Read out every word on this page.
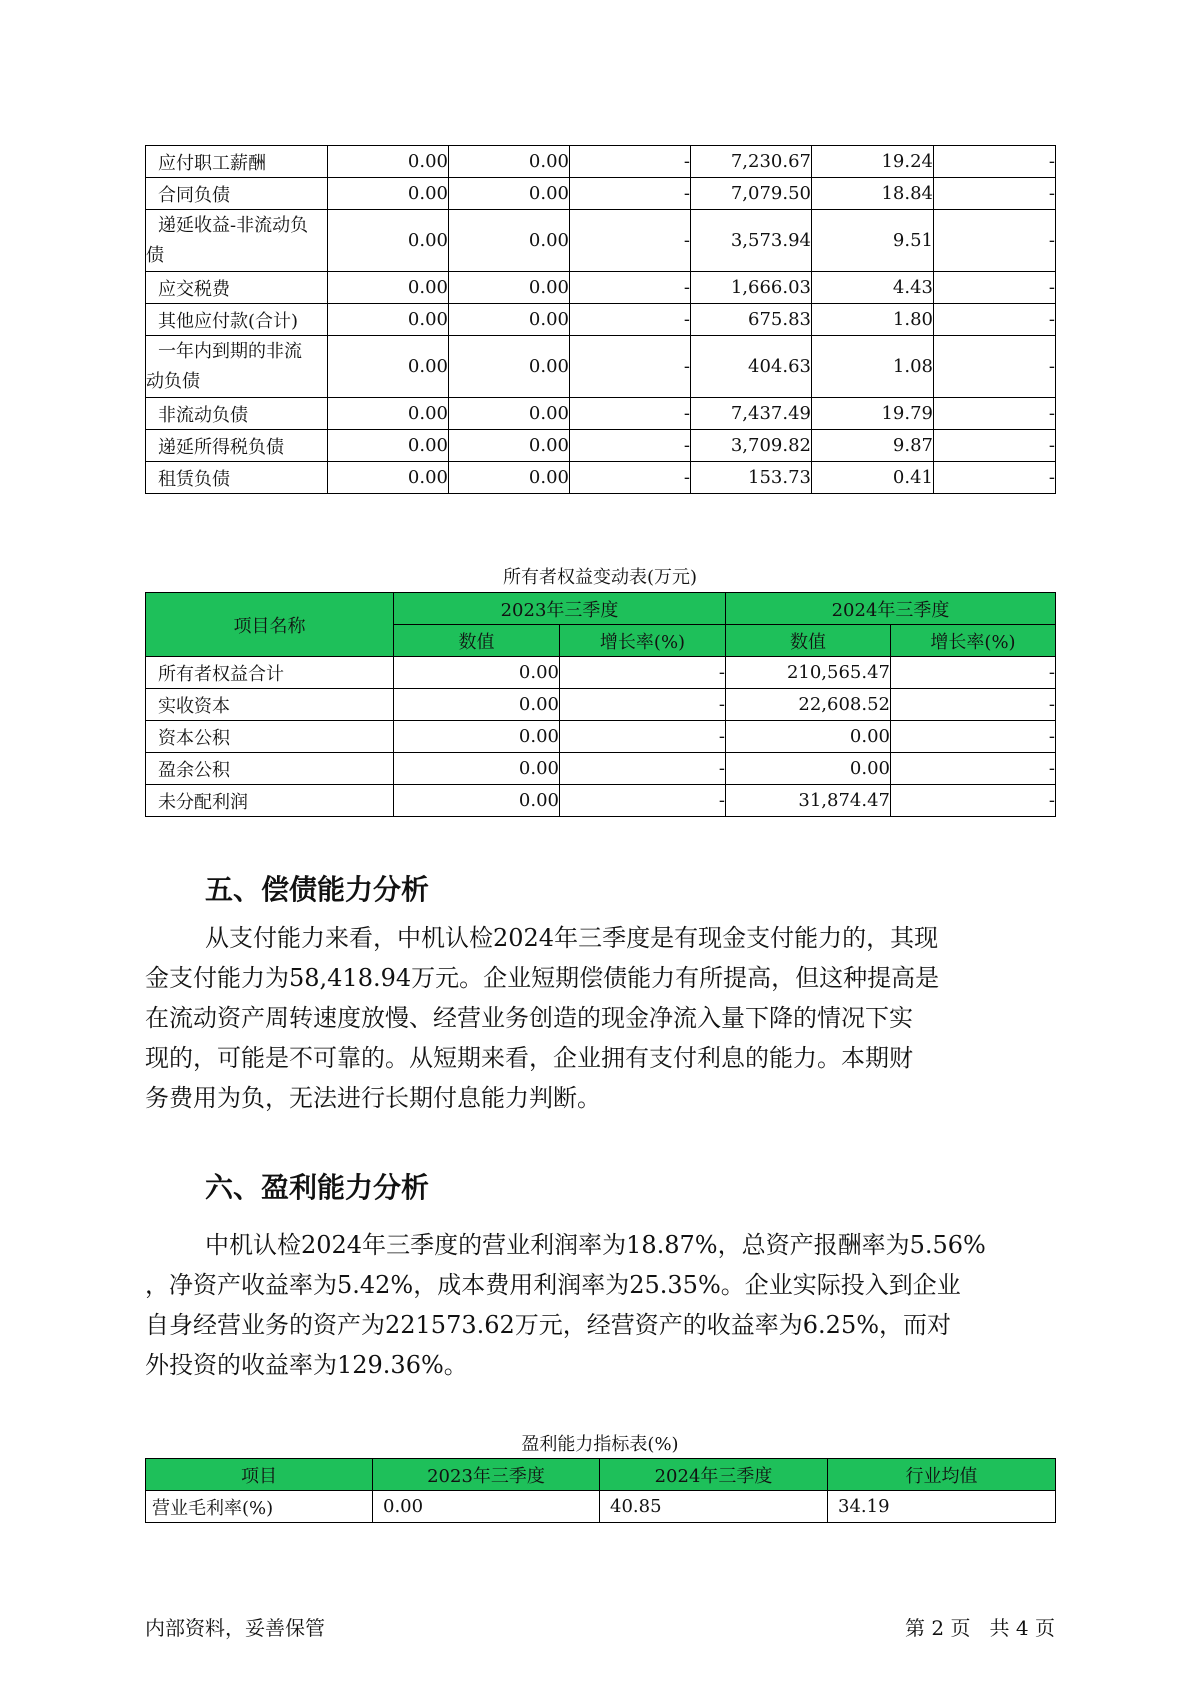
应付职工薪酬	0.00	0.00	-	7,230.67	19.24	-
合同负债	0.00	0.00	-	7,079.50	18.84	-
递延收益-非流动负
债	0.00	0.00	-	3,573.94	9.51	-
应交税费	0.00	0.00	-	1,666.03	4.43	-
其他应付款(合计)	0.00	0.00	-	675.83	1.80	-
一年内到期的非流
动负债	0.00	0.00	-	404.63	1.08	-
非流动负债	0.00	0.00	-	7,437.49	19.79	-
递延所得税负债	0.00	0.00	-	3,709.82	9.87	-
租赁负债	0.00	0.00	-	153.73	0.41	-
所有者权益变动表(万元)
项目名称	2023年三季度		2024年三季度	
	数值	增长率(%)	数值	增长率(%)
所有者权益合计	0.00	-	210,565.47	-
实收资本	0.00	-	22,608.52	-
资本公积	0.00	-	0.00	-
盈余公积	0.00	-	0.00	-
未分配利润	0.00	-	31,874.47	-
五、偿债能力分析

从支付能力来看，中机认检2024年三季度是有现金支付能力的，其现
金支付能力为58,418.94万元。企业短期偿债能力有所提高，但这种提高是
在流动资产周转速度放慢、经营业务创造的现金净流入量下降的情况下实
现的，可能是不可靠的。从短期来看，企业拥有支付利息的能力。本期财
务费用为负，无法进行长期付息能力判断。

六、盈利能力分析

中机认检2024年三季度的营业利润率为18.87%，总资产报酬率为5.56%
，净资产收益率为5.42%，成本费用利润率为25.35%。企业实际投入到企业
自身经营业务的资产为221573.62万元，经营资产的收益率为6.25%，而对
外投资的收益率为129.36%。

盈利能力指标表(%)
项目	2023年三季度	2024年三季度	行业均值
营业毛利率(%)	0.00	40.85	34.19
内部资料，妥善保管	第 2 页   共 4 页
